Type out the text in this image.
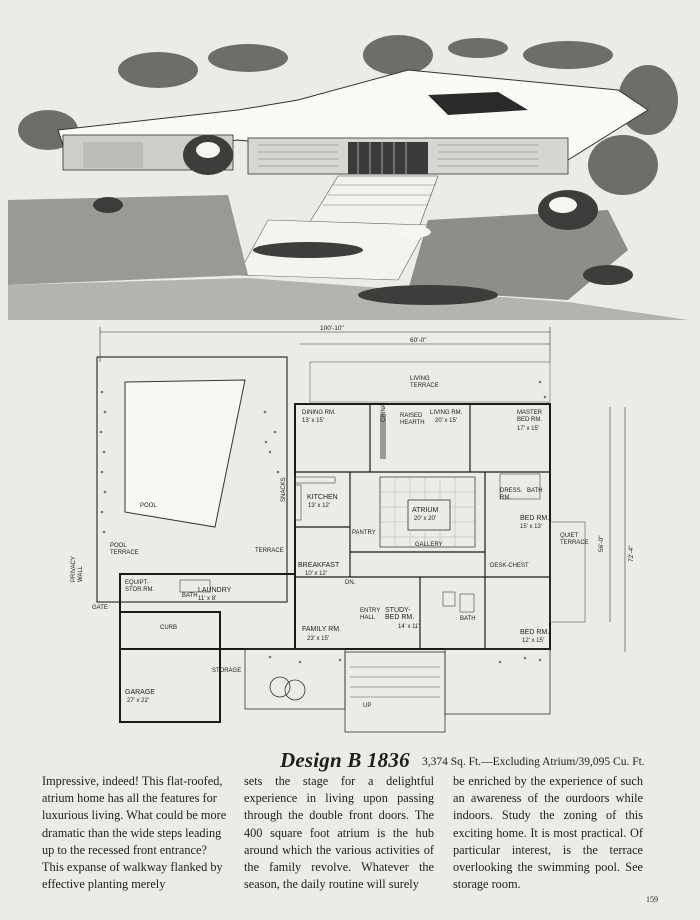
100'-10"
60'-0"
56'-0"
72'-4"
POOL
POOL TERRACE
PRIVACYWALL
TERRACE
LIVING TERRACE
DINING RM.
13' x 15'	CHINA RAISED HEARTH
LIVING RM.
20' x 15'
MASTER BED RM.
17' x 15'
KITCHEN
13' x 12'
SNACKS
ATRIUM
20' x 20'
DRESS. RM.
BATH
BED RM.
15' x 13'
QUIET TERRACE
PANTRY
GALLERY
BREAKFAST
10' x 12'
DESK-CHEST
DN.
ENTRY HALL
STUDY-BED RM.
14' x 11'
BATH
BED RM.
12' x 15'
FAMILY RM.
23' x 15'
EQUIPT-STOR.RM.	LAUNDRY
11' x 8'
BATH
GATE
CURB
STORAGE
GARAGE
27' x 22'
UP
Design B 1836 3,374 Sq. Ft.—Excluding Atrium/39,095 Cu. Ft.

Impressive, indeed! This flat-roofed, atrium home has all the features for luxurious living. What could be more dramatic than the wide steps leading up to the recessed front entrance? This expanse of walkway flanked by effective planting merely

sets the stage for a delightful experience in living upon passing through the double front doors. The 400 square foot atrium is the hub around which the various activities of the family revolve. Whatever the season, the daily routine will surely

be enriched by the experience of such an awareness of the ourdoors while indoors. Study the zoning of this exciting home. It is most practical. Of particular interest, is the terrace overlooking the swimming pool. See storage room.

159
